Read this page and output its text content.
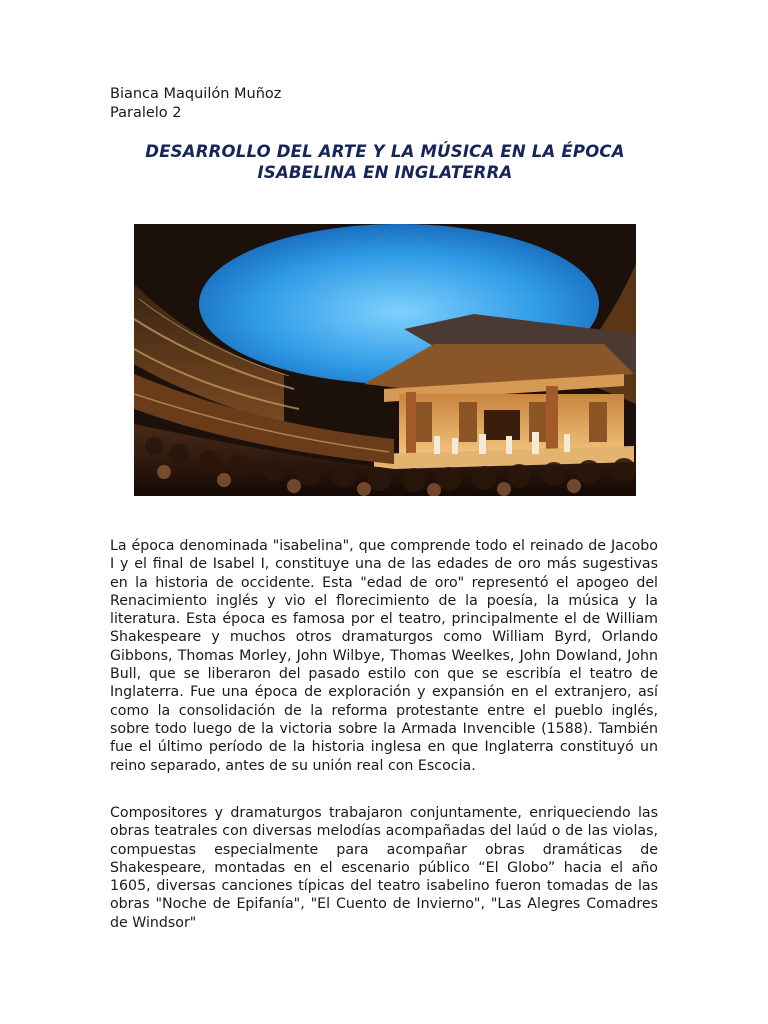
Bianca Maquilón Muñoz
Paralelo 2
DESARROLLO DEL ARTE Y LA MÚSICA EN LA ÉPOCA
ISABELINA EN INGLATERRA

La época denominada "isabelina", que comprende todo el reinado de Jacobo I y el final de Isabel I, constituye una de las edades de oro más sugestivas en la historia de occidente. Esta "edad de oro" representó el apogeo del Renacimiento inglés y vio el florecimiento de la poesía, la música y la literatura. Esta época es famosa por el teatro, principalmente el de William Shakespeare y muchos otros dramaturgos como William Byrd, Orlando Gibbons, Thomas Morley, John Wilbye, Thomas Weelkes, John Dowland, John Bull, que se liberaron del pasado estilo con que se escribía el teatro de Inglaterra. Fue una época de exploración y expansión en el extranjero, así como la consolidación de la reforma protestante entre el pueblo inglés, sobre todo luego de la victoria sobre la Armada Invencible (1588). También fue el último período de la historia inglesa en que Inglaterra constituyó un reino separado, antes de su unión real con Escocia.

Compositores y dramaturgos trabajaron conjuntamente, enriqueciendo las obras teatrales con diversas melodías acompañadas del laúd o de las violas, compuestas especialmente para acompañar obras dramáticas de Shakespeare, montadas en el escenario público “El Globo” hacia el año 1605, diversas canciones típicas del teatro isabelino fueron tomadas de las obras "Noche de Epifanía", "El Cuento de Invierno", "Las Alegres Comadres de Windsor"
